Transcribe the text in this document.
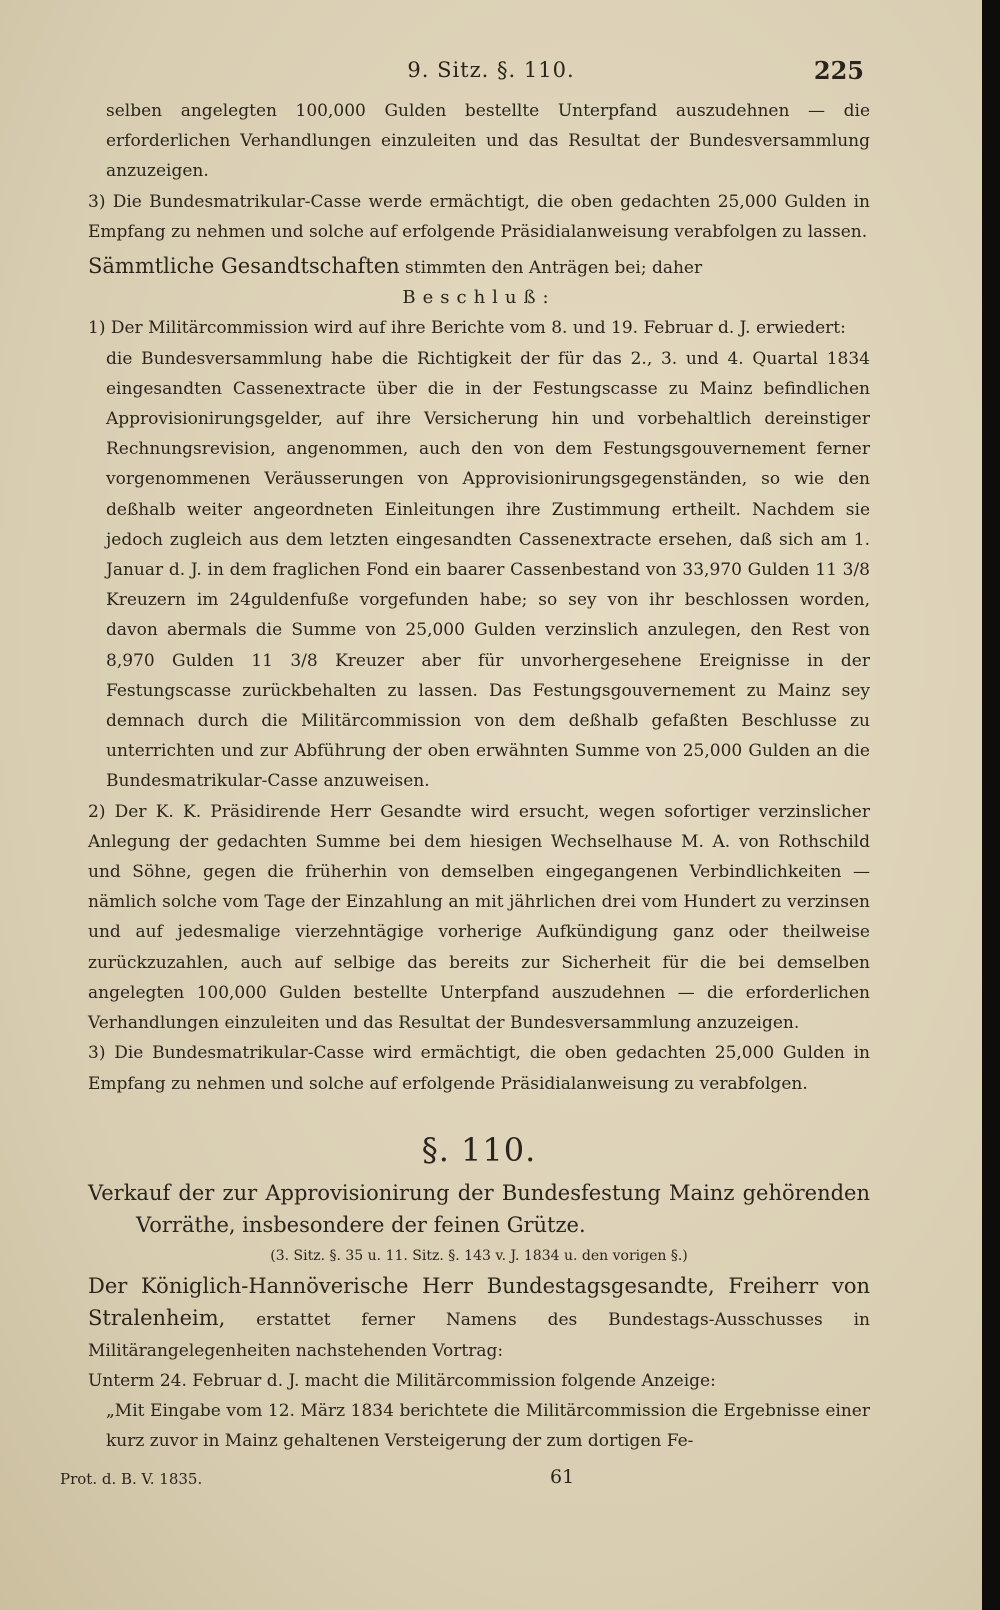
9. Sitz. §. 110.	225

selben angelegten 100,000 Gulden bestellte Unterpfand auszudehnen — die erforderlichen Verhandlungen einzuleiten und das Resultat der Bundesversammlung anzuzeigen.

3) Die Bundesmatrikular-Casse werde ermächtigt, die oben gedachten 25,000 Gulden in Empfang zu nehmen und solche auf erfolgende Präsidialanweisung verabfolgen zu lassen.

Sämmtliche Gesandtschaften stimmten den Anträgen bei; daher

Beschluß:

1) Der Militärcommission wird auf ihre Berichte vom 8. und 19. Februar d. J. erwiedert:

die Bundesversammlung habe die Richtigkeit der für das 2., 3. und 4. Quartal 1834 eingesandten Cassenextracte über die in der Festungscasse zu Mainz befindlichen Approvisionirungsgelder, auf ihre Versicherung hin und vorbehaltlich dereinstiger Rechnungsrevision, angenommen, auch den von dem Festungsgouvernement ferner vorgenommenen Veräusserungen von Approvisionirungsgegenständen, so wie den deßhalb weiter angeordneten Einleitungen ihre Zustimmung ertheilt. Nachdem sie jedoch zugleich aus dem letzten eingesandten Cassenextracte ersehen, daß sich am 1. Januar d. J. in dem fraglichen Fond ein baarer Cassenbestand von 33,970 Gulden 11 3/8 Kreuzern im 24guldenfuße vorgefunden habe; so sey von ihr beschlossen worden, davon abermals die Summe von 25,000 Gulden verzinslich anzulegen, den Rest von 8,970 Gulden 11 3/8 Kreuzer aber für unvorhergesehene Ereignisse in der Festungscasse zurückbehalten zu lassen. Das Festungsgouvernement zu Mainz sey demnach durch die Militärcommission von dem deßhalb gefaßten Beschlusse zu unterrichten und zur Abführung der oben erwähnten Summe von 25,000 Gulden an die Bundesmatrikular-Casse anzuweisen.

2) Der K. K. Präsidirende Herr Gesandte wird ersucht, wegen sofortiger verzinslicher Anlegung der gedachten Summe bei dem hiesigen Wechselhause M. A. von Rothschild und Söhne, gegen die früherhin von demselben eingegangenen Verbindlichkeiten — nämlich solche vom Tage der Einzahlung an mit jährlichen drei vom Hundert zu verzinsen und auf jedesmalige vierzehntägige vorherige Aufkündigung ganz oder theilweise zurückzuzahlen, auch auf selbige das bereits zur Sicherheit für die bei demselben angelegten 100,000 Gulden bestellte Unterpfand auszudehnen — die erforderlichen Verhandlungen einzuleiten und das Resultat der Bundesversammlung anzuzeigen.

3) Die Bundesmatrikular-Casse wird ermächtigt, die oben gedachten 25,000 Gulden in Empfang zu nehmen und solche auf erfolgende Präsidialanweisung zu verabfolgen.

§. 110.

Verkauf der zur Approvisionirung der Bundesfestung Mainz gehörenden Vorräthe, insbesondere der feinen Grütze.

(3. Sitz. §. 35 u. 11. Sitz. §. 143 v. J. 1834 u. den vorigen §.)

Der Königlich-Hannöverische Herr Bundestagsgesandte, Freiherr von Stralenheim, erstattet ferner Namens des Bundestags-Ausschusses in Militärangelegenheiten nachstehenden Vortrag:

Unterm 24. Februar d. J. macht die Militärcommission folgende Anzeige:

„Mit Eingabe vom 12. März 1834 berichtete die Militärcommission die Ergebnisse einer kurz zuvor in Mainz gehaltenen Versteigerung der zum dortigen Fe-

Prot. d. B. V. 1835.	61
